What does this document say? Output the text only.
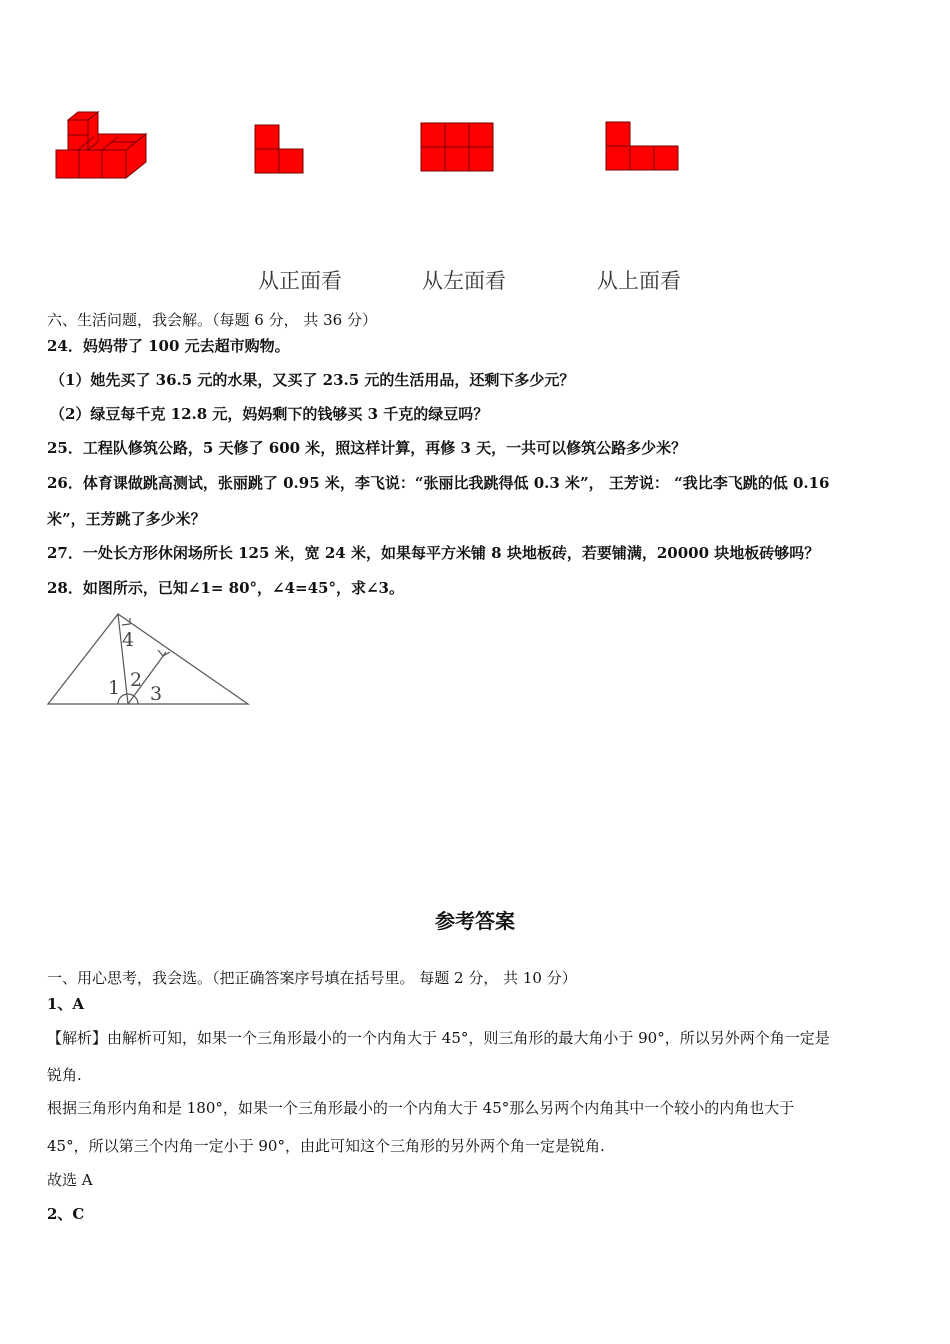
从正面看	从左面看	从上面看
六、生活问题，我会解。（每题 6 分， 共 36 分）
24．妈妈带了 100 元去超市购物。
（1）她先买了 36.5 元的水果，又买了 23.5 元的生活用品，还剩下多少元？
（2）绿豆每千克 12.8 元，妈妈剩下的钱够买 3 千克的绿豆吗？
25．工程队修筑公路，5 天修了 600 米，照这样计算，再修 3 天，一共可以修筑公路多少米？
26．体育课做跳高测试，张丽跳了 0.95 米，李飞说：“张丽比我跳得低 0.3 米”， 王芳说： “我比李飞跳的低 0.16
米”，王芳跳了多少米？
27．一处长方形休闲场所长 125 米，宽 24 米，如果每平方米铺 8 块地板砖，若要铺满，20000 块地板砖够吗？
28．如图所示，已知∠1= 80°，∠4=45°，求∠3。
4
1 2
3
参考答案
一、用心思考，我会选。（把正确答案序号填在括号里。 每题 2 分， 共 10 分）
1、A
【解析】由解析可知，如果一个三角形最小的一个内角大于 45°，则三角形的最大角小于 90°，所以另外两个角一定是
锐角.
根据三角形内角和是 180°，如果一个三角形最小的一个内角大于 45°那么另两个内角其中一个较小的内角也大于
45°，所以第三个内角一定小于 90°，由此可知这个三角形的另外两个角一定是锐角.
故选 A
2、C
